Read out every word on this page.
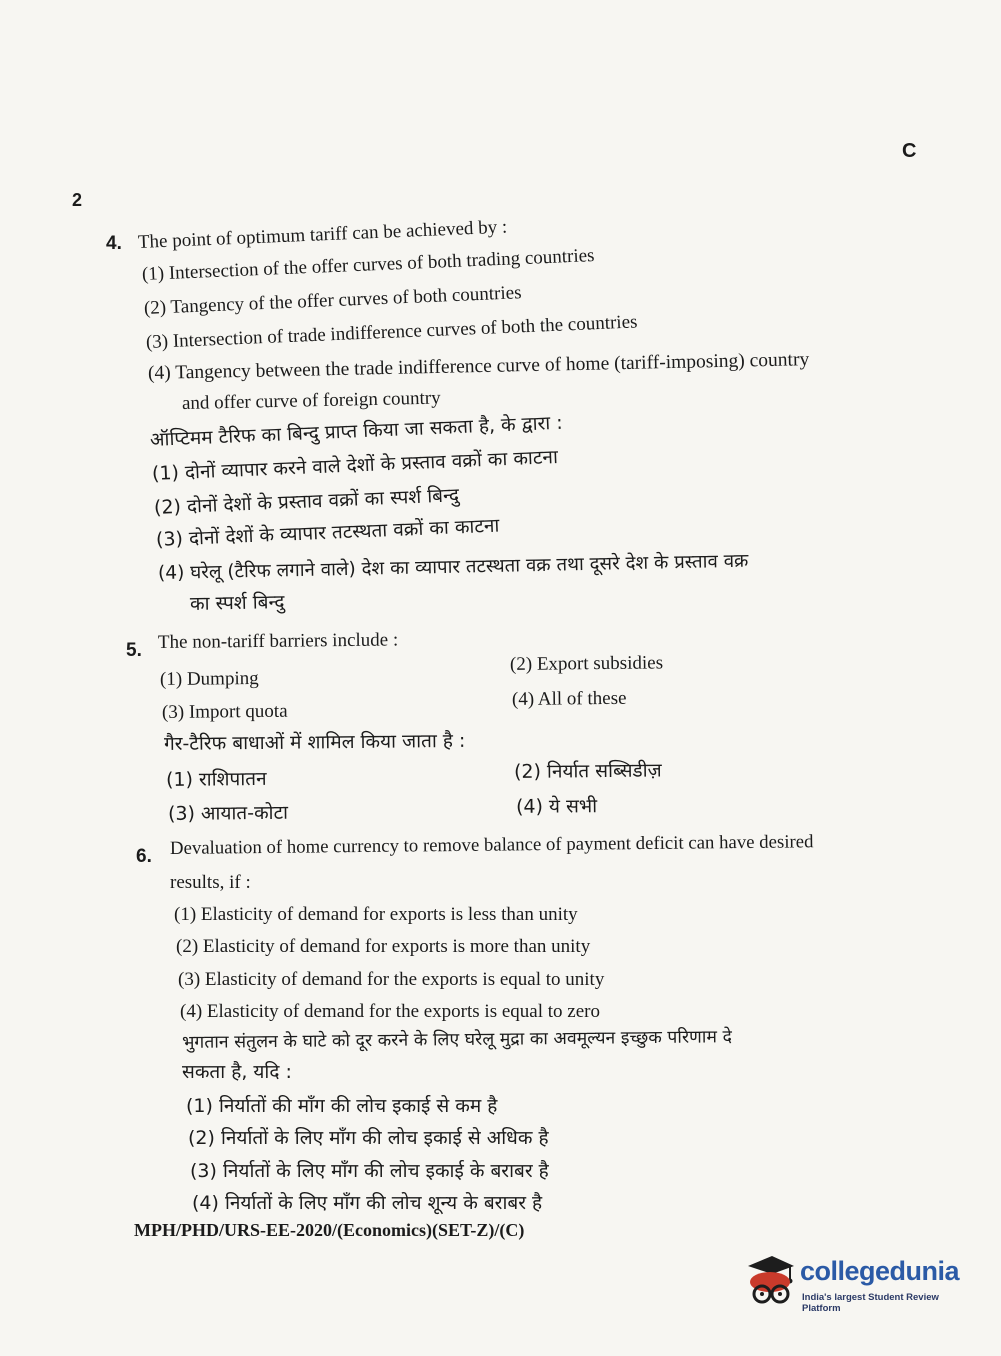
2
C
4. The point of optimum tariff can be achieved by :
(1) Intersection of the offer curves of both trading countries
(2) Tangency of the offer curves of both countries
(3) Intersection of trade indifference curves of both the countries
(4) Tangency between the trade indifference curve of home (tariff-imposing) country
and offer curve of foreign country
ऑप्टिमम टैरिफ का बिन्दु प्राप्त किया जा सकता है, के द्वारा :
(1) दोनों व्यापार करने वाले देशों के प्रस्ताव वक्रों का काटना
(2) दोनों देशों के प्रस्ताव वक्रों का स्पर्श बिन्दु
(3) दोनों देशों के व्यापार तटस्थता वक्रों का काटना
(4) घरेलू (टैरिफ लगाने वाले) देश का व्यापार तटस्थता वक्र तथा दूसरे देश के प्रस्ताव वक्र
का स्पर्श बिन्दु
5. The non-tariff barriers include :
(1) Dumping
(2) Export subsidies
(3) Import quota
(4) All of these
गैर-टैरिफ बाधाओं में शामिल किया जाता है :
(1) राशिपातन	(2) निर्यात सब्सिडीज़
(3) आयात-कोटा	(4) ये सभी
6. Devaluation of home currency to remove balance of payment deficit can have desired
results, if :
(1) Elasticity of demand for exports is less than unity
(2) Elasticity of demand for exports is more than unity
(3) Elasticity of demand for the exports is equal to unity
(4) Elasticity of demand for the exports is equal to zero
भुगतान संतुलन के घाटे को दूर करने के लिए घरेलू मुद्रा का अवमूल्यन इच्छुक परिणाम दे
सकता है, यदि :
(1) निर्यातों की माँग की लोच इकाई से कम है
(2) निर्यातों के लिए माँग की लोच इकाई से अधिक है
(3) निर्यातों के लिए माँग की लोच इकाई के बराबर है
(4) निर्यातों के लिए माँग की लोच शून्य के बराबर है
MPH/PHD/URS-EE-2020/(Economics)(SET-Z)/(C)
collegedunia
India's largest Student Review Platform
